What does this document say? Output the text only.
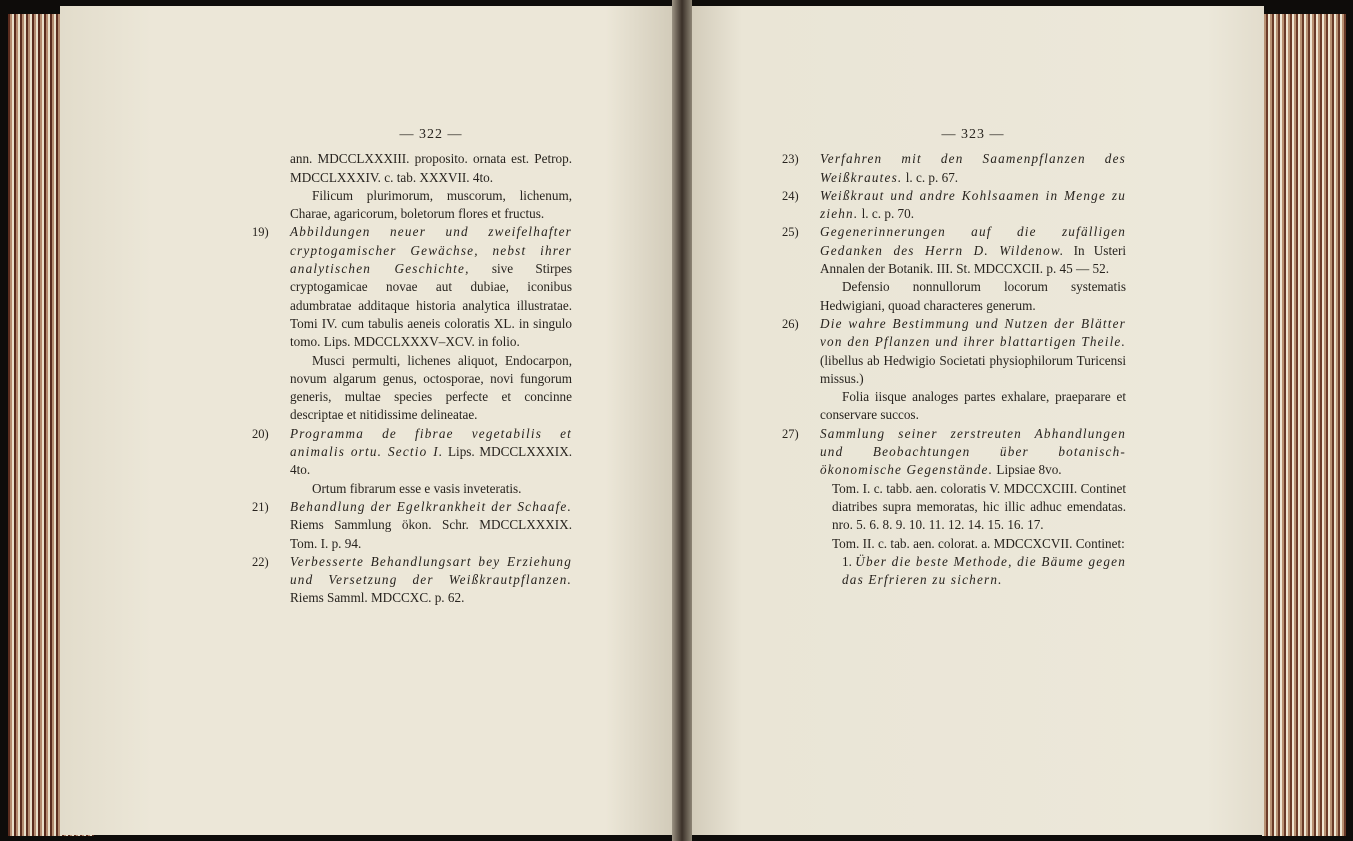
— 322 —

ann. MDCCLXXXIII. proposito. ornata est. Petrop. MDCCLXXXIV. c. tab. XXXVII. 4to.

Filicum plurimorum, muscorum, lichenum, Charae, agaricorum, boletorum flores et fructus.

19)	Abbildungen neuer und zweifelhafter cryptogamischer Gewächse, nebst ihrer analytischen Geschichte, sive Stirpes cryptogamicae novae aut dubiae, iconibus adumbratae additaque historia analytica illustratae. Tomi IV. cum tabulis aeneis coloratis XL. in singulo tomo. Lips. MDCCLXXXV–XCV. in folio.

Musci permulti, lichenes aliquot, Endocarpon, novum algarum genus, octosporae, novi fungorum generis, multae species perfecte et concinne descriptae et nitidissime delineatae.

20)	Programma de fibrae vegetabilis et animalis ortu. Sectio I. Lips. MDCCLXXXIX. 4to.

Ortum fibrarum esse e vasis inveteratis.

21)	Behandlung der Egelkrankheit der Schaafe. Riems Sammlung ökon. Schr. MDCCLXXXIX. Tom. I. p. 94.

22)	Verbesserte Behandlungsart bey Erziehung und Versetzung der Weißkrautpflanzen. Riems Samml. MDCCXC. p. 62.

— 323 —
23)	Verfahren mit den Saamenpflanzen des Weißkrautes. l. c. p. 67.

24)	Weißkraut und andre Kohlsaamen in Menge zu ziehn. l. c. p. 70.

25)	Gegenerinnerungen auf die zufälligen Gedanken des Herrn D. Wildenow. In Usteri Annalen der Botanik. III. St. MDCCXCII. p. 45 — 52.

Defensio nonnullorum locorum systematis Hedwigiani, quoad characteres generum.

26)	Die wahre Bestimmung und Nutzen der Blätter von den Pflanzen und ihrer blattartigen Theile. (libellus ab Hedwigio Societati physiophilorum Turicensi missus.)

Folia iisque analoges partes exhalare, praeparare et conservare succos.

27)	Sammlung seiner zerstreuten Abhandlungen und Beobachtungen über botanisch-ökonomische Gegenstände. Lipsiae 8vo.

Tom. I. c. tabb. aen. coloratis V. MDCCXCIII. Continet diatribes supra memoratas, hic illic adhuc emendatas. nro. 5. 6. 8. 9. 10. 11. 12. 14. 15. 16. 17.

Tom. II. c. tab. aen. colorat. a. MDCCXCVII. Continet:

1. Über die beste Methode, die Bäume gegen das Erfrieren zu sichern.
